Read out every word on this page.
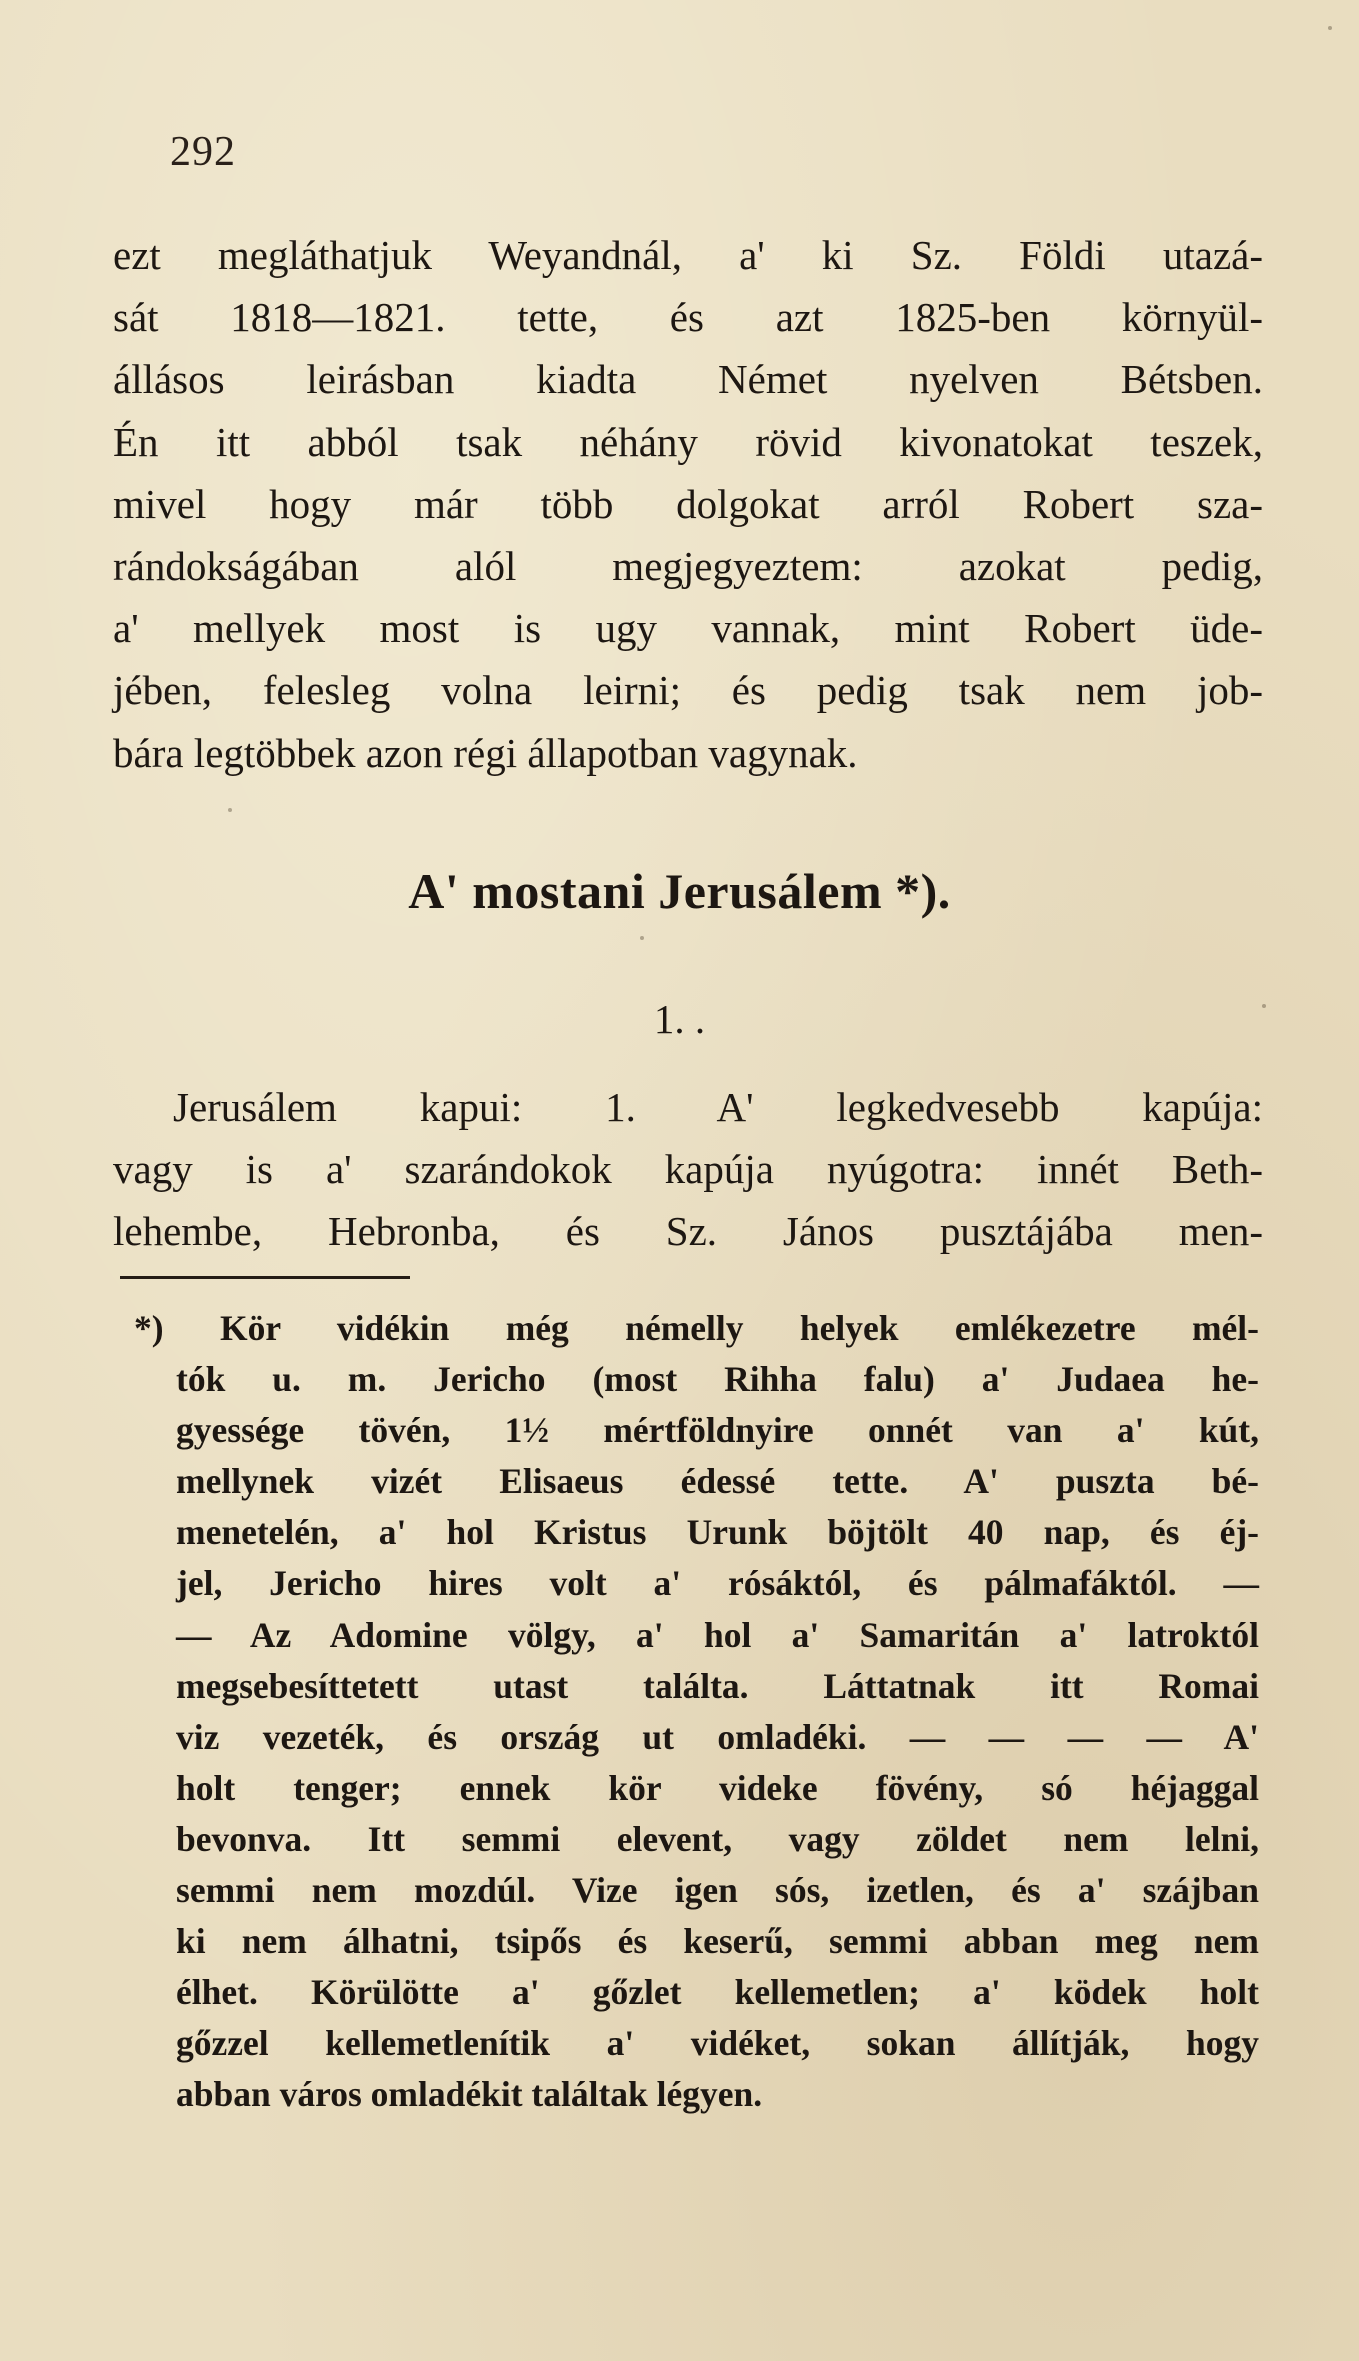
292
ezt megláthatjuk Weyandnál, a' ki Sz. Földi utazá-
sát 1818—1821. tette, és azt 1825-ben környül-
állásos leirásban kiadta Német nyelven Bétsben.
Én itt abból tsak néhány rövid kivonatokat teszek,
mivel hogy már több dolgokat arról Robert sza-
rándokságában alól megjegyeztem: azokat pedig,
a' mellyek most is ugy vannak, mint Robert üde-
jében, felesleg volna leirni; és pedig tsak nem job-
bára legtöbbek azon régi állapotban vagynak.
A' mostani Jerusálem *).
1. .
Jerusálem kapui: 1. A' legkedvesebb kapúja:
vagy is a' szarándokok kapúja nyúgotra: innét Beth-
lehembe, Hebronba, és Sz. János pusztájába men-
*) Kör vidékin még némelly helyek emlékezetre mél-
tók u. m. Jericho (most Rihha falu) a' Judaea he-
gyessége tövén, 1½ mértföldnyire onnét van a' kút,
mellynek vizét Elisaeus édessé tette. A' puszta bé-
menetelén, a' hol Kristus Urunk böjtölt 40 nap, és éj-
jel, Jericho hires volt a' rósáktól, és pálmafáktól. —
— Az Adomine völgy, a' hol a' Samaritán a' latroktól
megsebesíttetett utast találta. Láttatnak itt Romai
viz vezeték, és ország ut omladéki. — — — — A'
holt tenger; ennek kör videke fövény, só héjaggal
bevonva. Itt semmi elevent, vagy zöldet nem lelni,
semmi nem mozdúl. Vize igen sós, izetlen, és a' szájban
ki nem álhatni, tsipős és keserű, semmi abban meg nem
élhet. Körülötte a' gőzlet kellemetlen; a' ködek holt
gőzzel kellemetlenítik a' vidéket, sokan állítják, hogy
abban város omladékit találtak légyen.
